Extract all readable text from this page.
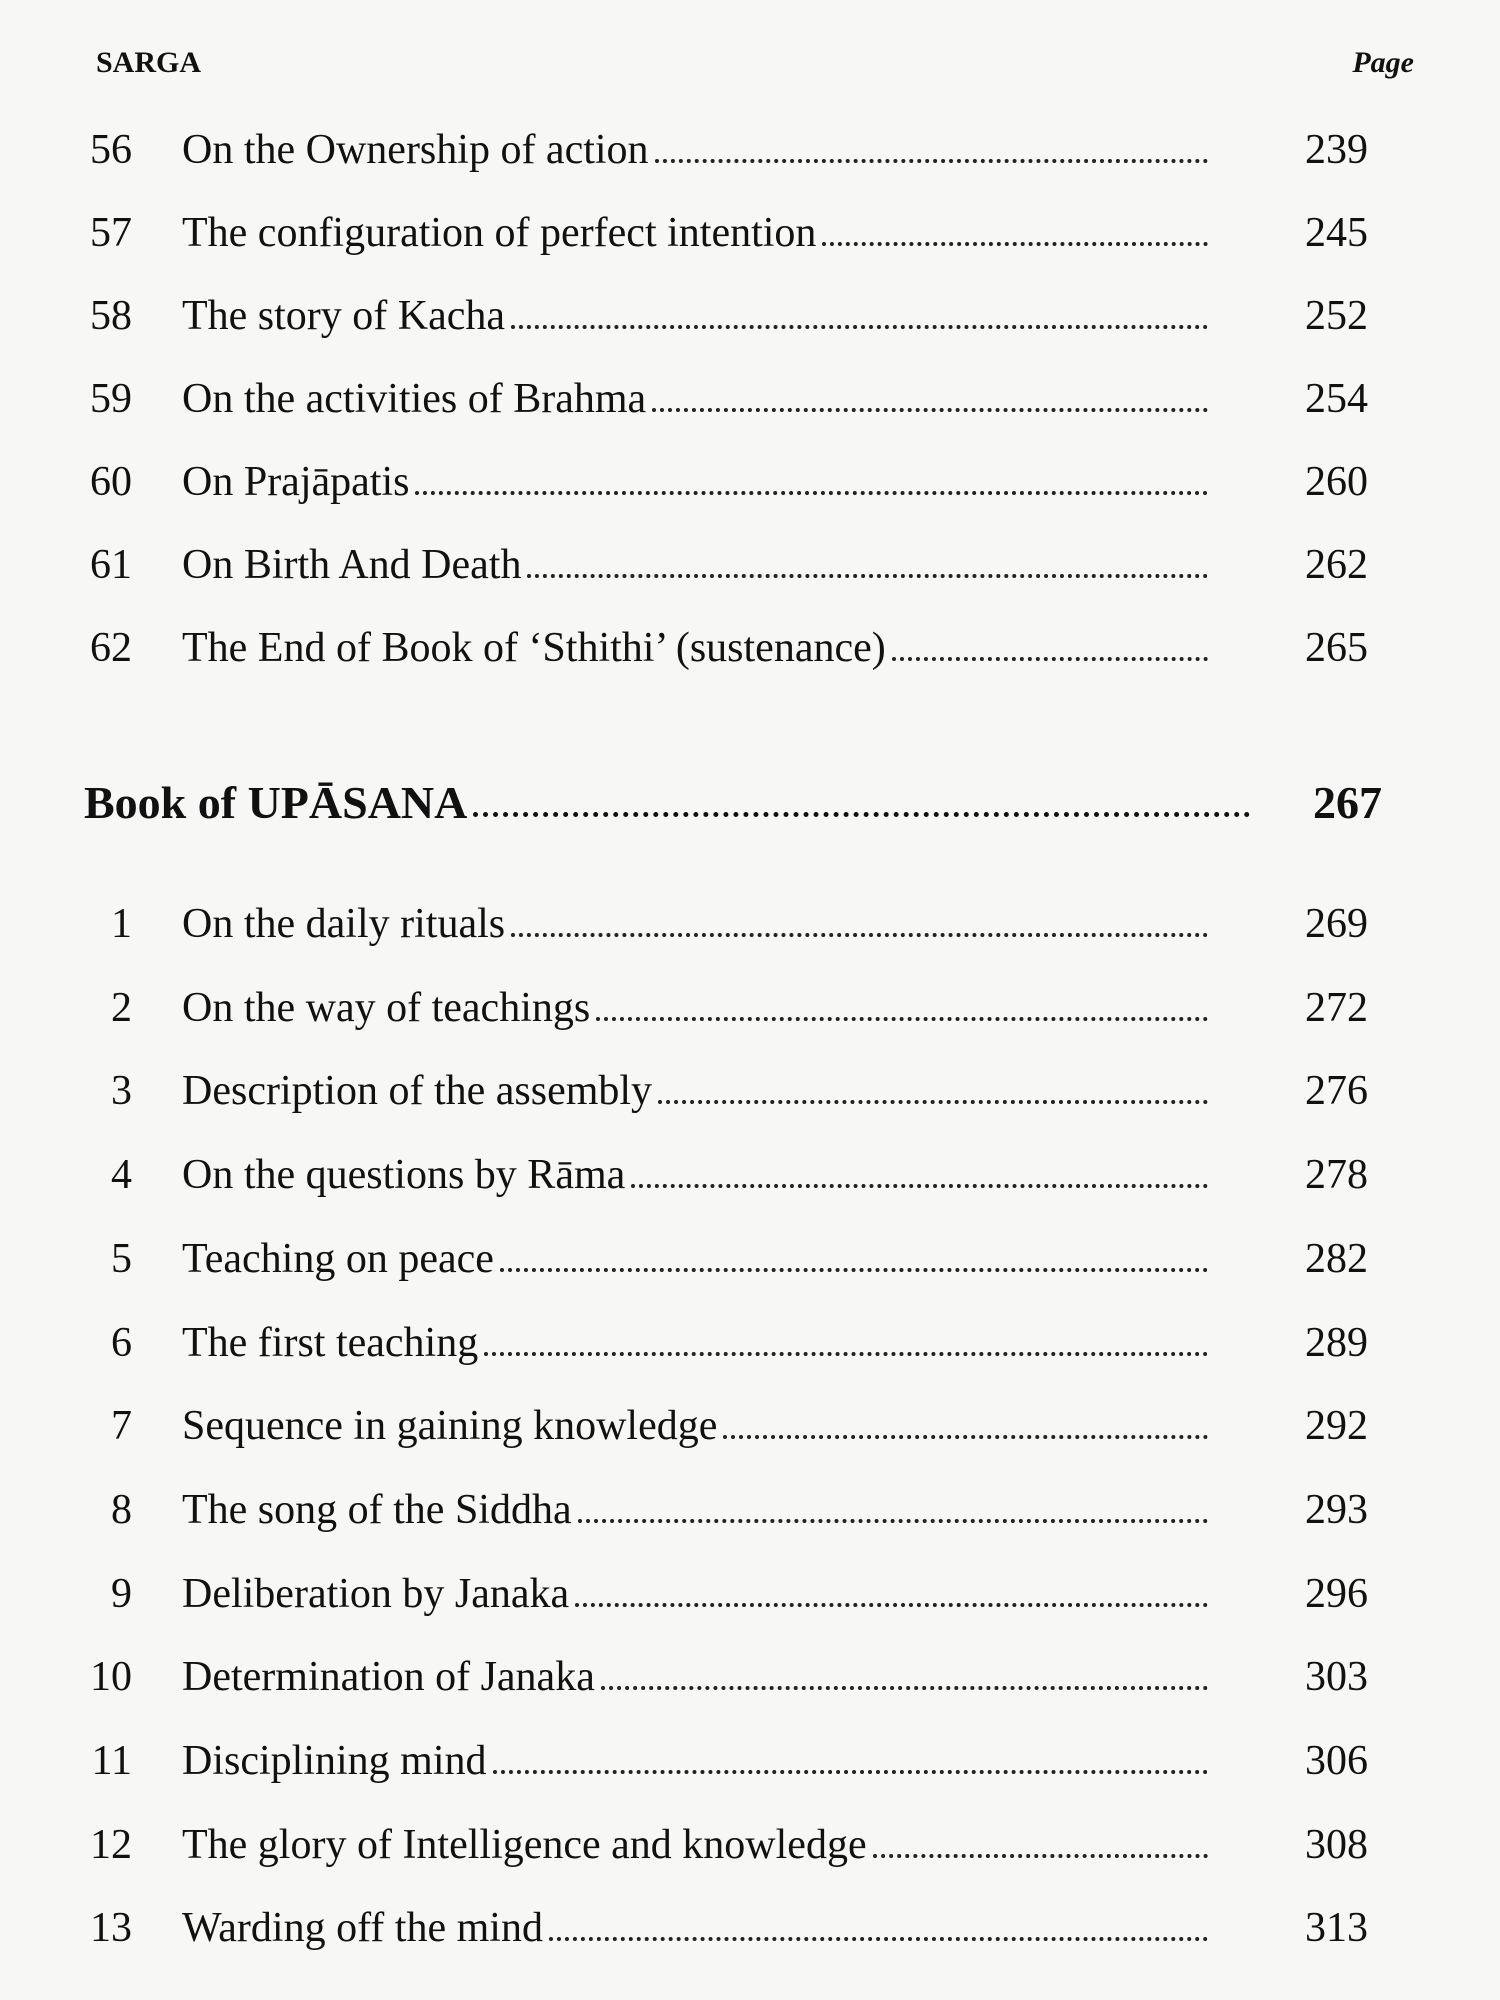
SARGA	Page
56	On the Ownership of action	239
57	The configuration of perfect intention	245
58	The story of Kacha	252
59	On the activities of Brahma	254
60	On Prajāpatis	260
61	On Birth And Death	262
62	The End of Book of ‘Sthithi’ (sustenance)	265
Book of UPĀSANA	267
1	On the daily rituals	269
2	On the way of teachings	272
3	Description of the assembly	276
4	On the questions by Rāma	278
5	Teaching on peace	282
6	The first teaching	289
7	Sequence in gaining knowledge	292
8	The song of the Siddha	293
9	Deliberation by Janaka	296
10	Determination of Janaka	303
11	Disciplining mind	306
12	The glory of Intelligence and knowledge	308
13	Warding off the mind	313
